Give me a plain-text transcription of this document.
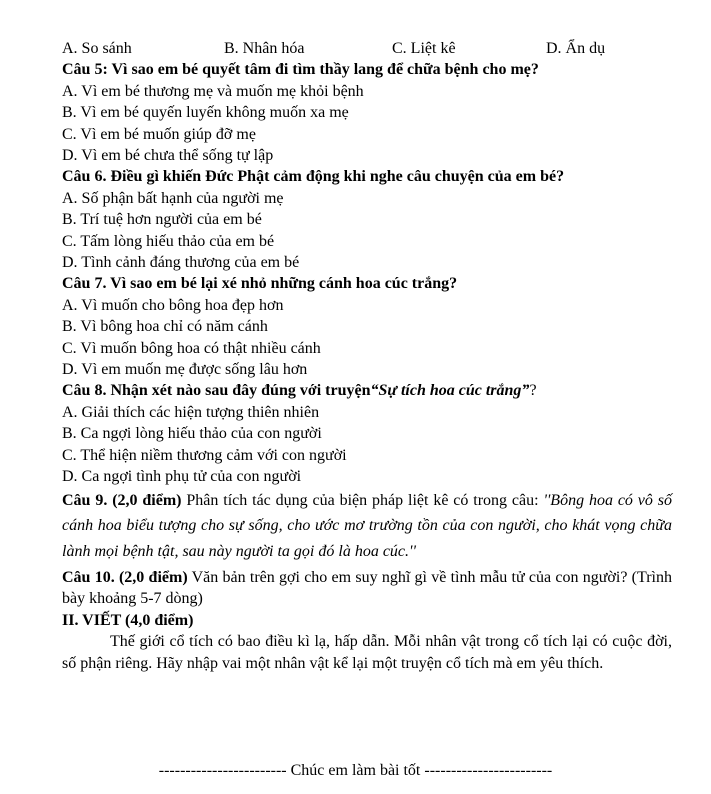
A. So sánh	B. Nhân hóa	C. Liệt kê	D. Ẩn dụ
Câu 5: Vì sao em bé quyết tâm đi tìm thầy lang để chữa bệnh cho mẹ?
A. Vì em bé thương mẹ và muốn mẹ khỏi bệnh
B. Vì em bé quyến luyến không muốn xa mẹ
C. Vì em bé muốn giúp đỡ mẹ
D. Vì em bé chưa thể sống tự lập
Câu 6. Điều gì khiến Đức Phật cảm động khi nghe câu chuyện của em bé?
A. Số phận bất hạnh của người mẹ
B. Trí tuệ hơn người của em bé
C. Tấm lòng hiếu thảo của em bé
D. Tình cảnh đáng thương của em bé
Câu 7. Vì sao em bé lại xé nhỏ những cánh hoa cúc trắng?
A. Vì muốn cho bông hoa đẹp hơn
B. Vì bông hoa chỉ có năm cánh
C. Vì muốn bông hoa có thật nhiều cánh
D. Vì em muốn mẹ được sống lâu hơn
Câu 8. Nhận xét nào sau đây đúng với truyện“Sự tích hoa cúc trắng”?
A. Giải thích các hiện tượng thiên nhiên
B. Ca ngợi lòng hiếu thảo của con người
C. Thể hiện niềm thương cảm với con người
D. Ca ngợi tình phụ tử của con người
Câu 9. (2,0 điểm) Phân tích tác dụng của biện pháp liệt kê có trong câu: ''Bông hoa có vô số cánh hoa biểu tượng cho sự sống, cho ước mơ trường tồn của con người, cho khát vọng chữa lành mọi bệnh tật, sau này người ta gọi đó là hoa cúc.''
Câu 10. (2,0 điểm) Văn bản trên gợi cho em suy nghĩ gì về tình mẫu tử của con người? (Trình bày khoảng 5-7 dòng)
II. VIẾT (4,0 điểm)
Thế giới cổ tích có bao điều kì lạ, hấp dẫn. Mỗi nhân vật trong cổ tích lại có cuộc đời, số phận riêng. Hãy nhập vai một nhân vật kể lại một truyện cổ tích mà em yêu thích.
------------------------ Chúc em làm bài tốt ------------------------
